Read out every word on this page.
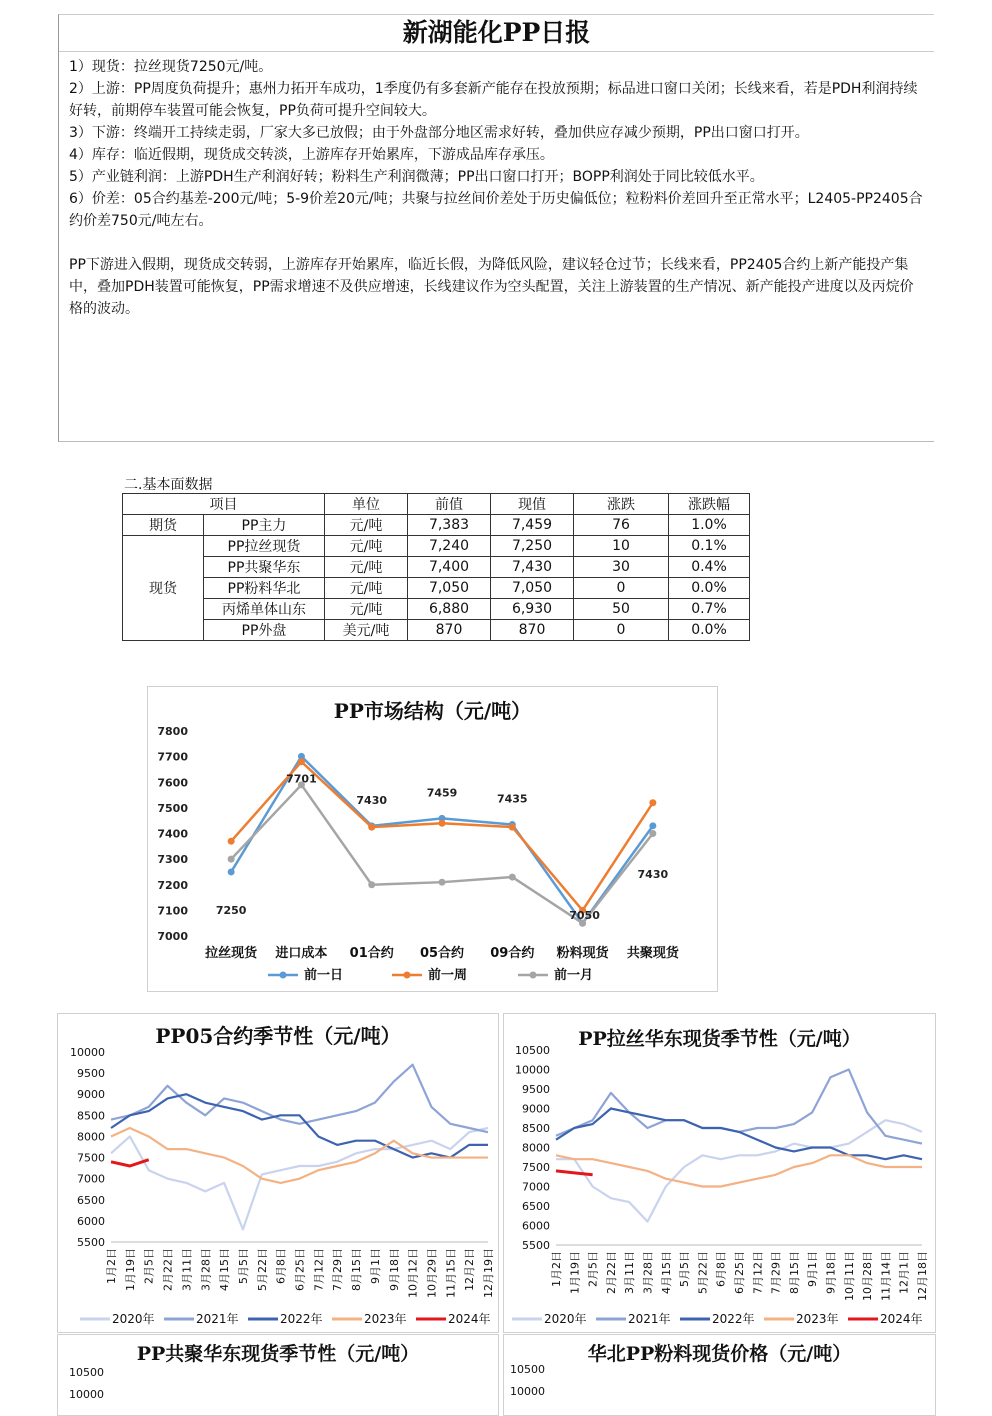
新湖能化PP日报

1）现货：拉丝现货7250元/吨。

2）上游：PP周度负荷提升；惠州力拓开车成功，1季度仍有多套新产能存在投放预期；标品进口窗口关闭；长线来看，若是PDH利润持续好转，前期停车装置可能会恢复，PP负荷可提升空间较大。

3）下游：终端开工持续走弱，厂家大多已放假；由于外盘部分地区需求好转，叠加供应存减少预期，PP出口窗口打开。

4）库存：临近假期，现货成交转淡，上游库存开始累库，下游成品库存承压。

5）产业链利润：上游PDH生产利润好转；粉料生产利润微薄；PP出口窗口打开；BOPP利润处于同比较低水平。

6）价差：05合约基差-200元/吨；5-9价差20元/吨；共聚与拉丝间价差处于历史偏低位；粒粉料价差回升至正常水平；L2405-PP2405合约价差750元/吨左右。

PP下游进入假期，现货成交转弱，上游库存开始累库，临近长假，为降低风险，建议轻仓过节；长线来看，PP2405合约上新产能投产集中，叠加PDH装置可能恢复，PP需求增速不及供应增速，长线建议作为空头配置，关注上游装置的生产情况、新产能投产进度以及丙烷价格的波动。

二.基本面数据
项目		单位	前值	现值	涨跌	涨跌幅
期货	PP主力	元/吨	7,383	7,459	76	1.0%
现货	PP拉丝现货	元/吨	7,240	7,250	10	0.1%
	PP共聚华东	元/吨	7,400	7,430	30	0.4%
	PP粉料华北	元/吨	7,050	7,050	0	0.0%
	丙烯单体山东	元/吨	6,880	6,930	50	0.7%
	PP外盘	美元/吨	870	870	0	0.0%
PP市场结构（元/吨）
7000
7100
7200
7300
7400
7500
7600
7700
7800
拉丝现货 进口成本 01合约 05合约 09合约 粉料现货 共聚现货
7250
7701
7430
7459	7435
7050
7430
前一日	前一周	前一月
PP05合约季节性（元/吨）
5500
6000
6500
7000
7500
8000
8500
9000
9500
10000
1月2日 1月19日 2月5日 2月22日 3月11日 3月28日 4月15日 5月5日 5月22日 6月8日 6月25日 7月12日 7月29日 8月15日 9月1日 9月18日 10月12日 10月29日 11月15日 12月2日 12月19日
2020年	2021年	2022年	2023年	2024年
PP拉丝华东现货季节性（元/吨）
5500
6000
6500
7000
7500
8000
8500
9000
9500
10000
10500
1月2日 1月19日 2月5日 2月22日 3月11日 3月28日 4月15日 5月5日 5月22日 6月8日 6月25日 7月12日 7月29日 8月15日 9月1日 9月18日 10月11日 10月28日 11月14日 12月1日 12月18日
2020年	2021年	2022年	2023年	2024年
PP共聚华东现货季节性（元/吨）
10000
10500
华北PP粉料现货价格（元/吨）
10000
10500
